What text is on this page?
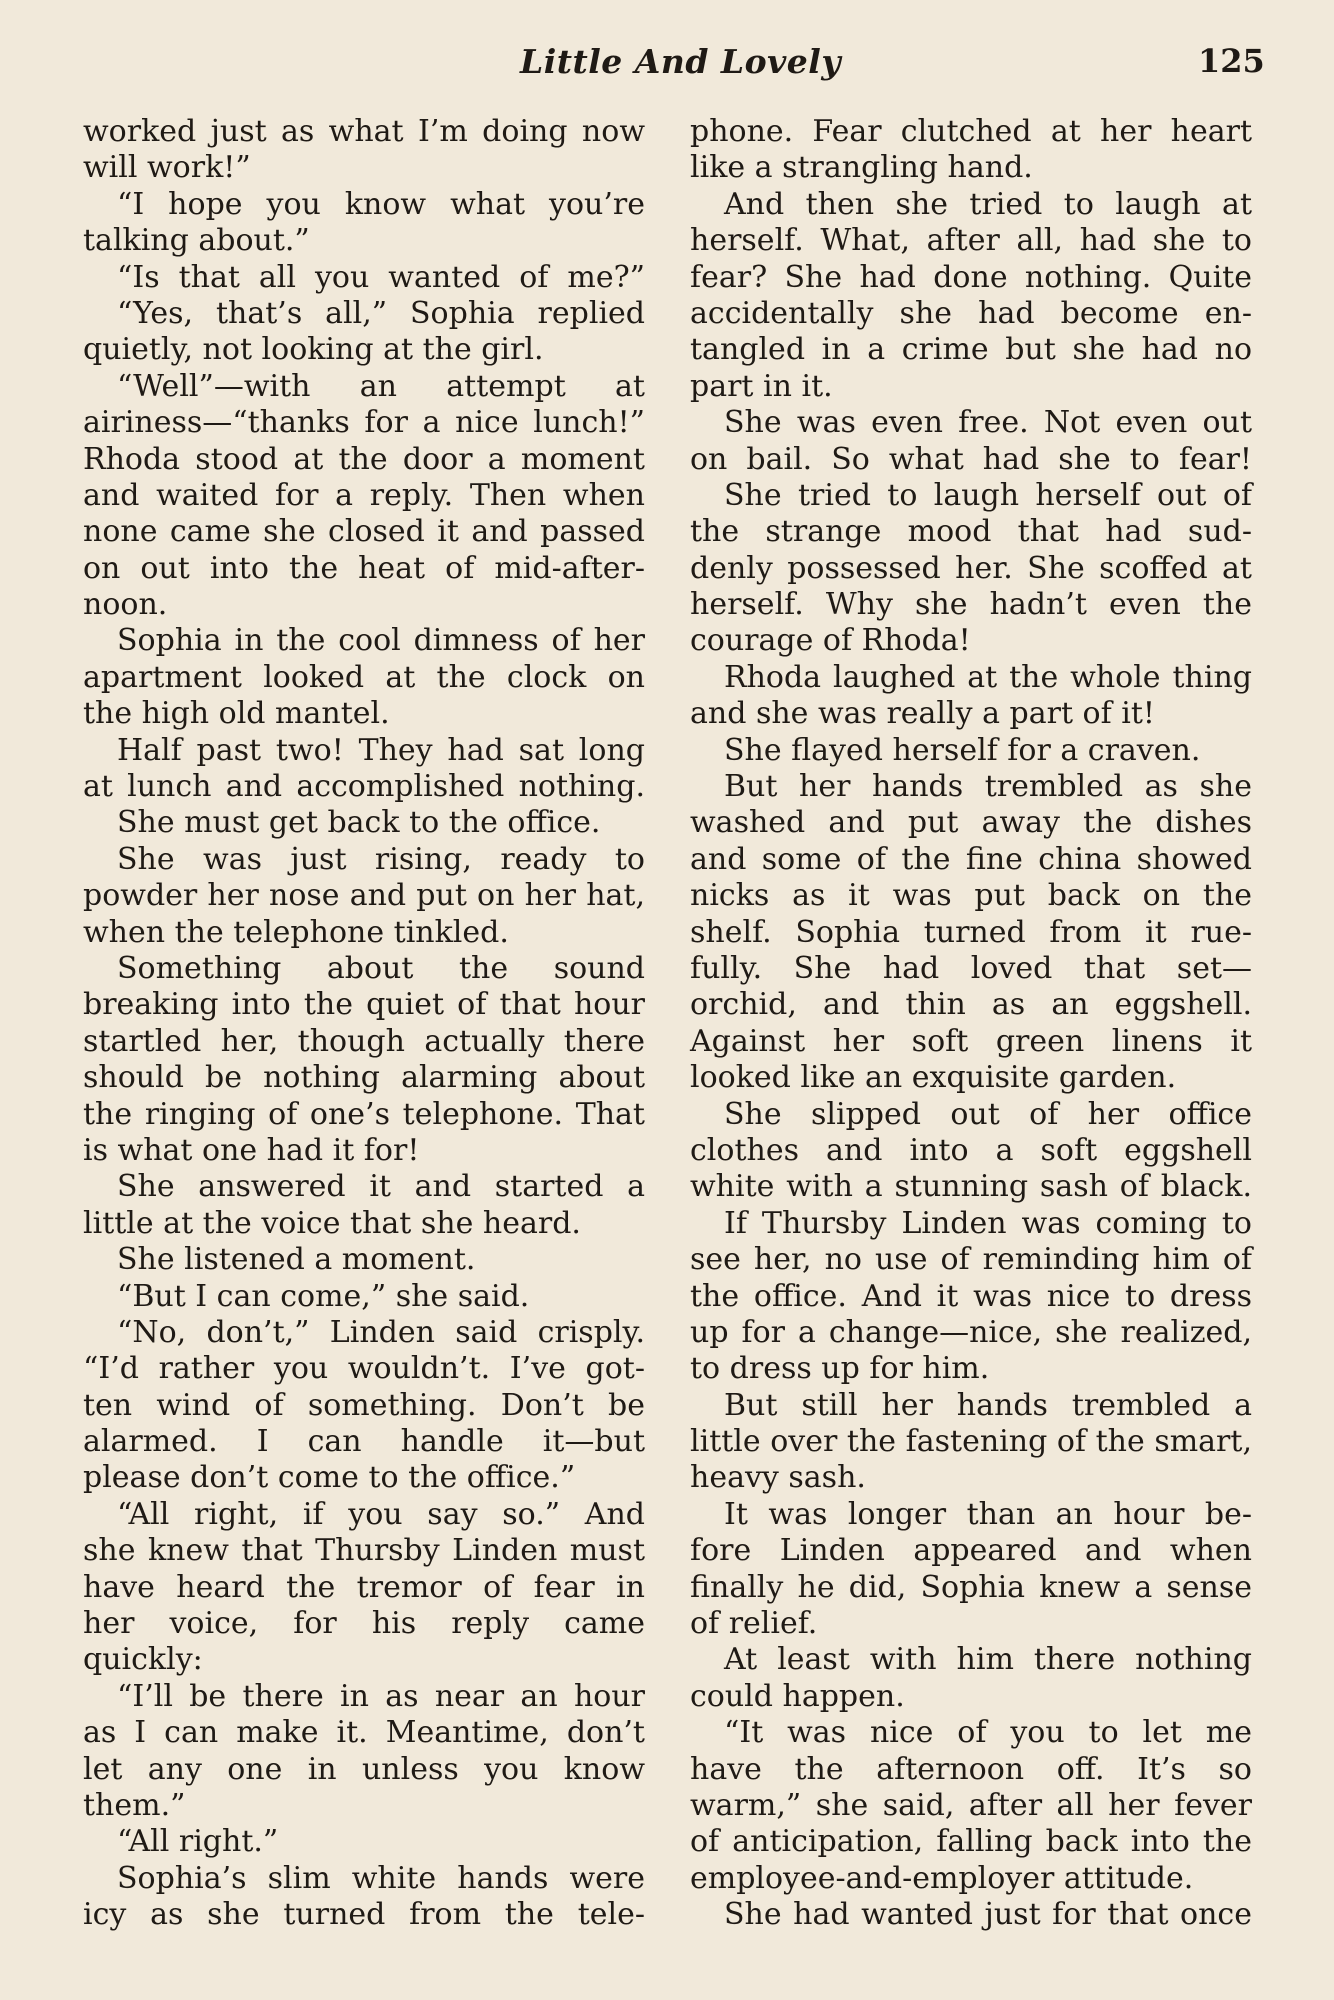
Little And Lovely	125
worked just as what I’m doing now
will work!”
“I hope you know what you’re
talking about.”
“Is that all you wanted of me?”
“Yes, that’s all,” Sophia replied
quietly, not looking at the girl.
“Well”—with an attempt at
airiness—“thanks for a nice lunch!”
Rhoda stood at the door a moment
and waited for a reply. Then when
none came she closed it and passed
on out into the heat of mid-after-
noon.
Sophia in the cool dimness of her
apartment looked at the clock on
the high old mantel.
Half past two! They had sat long
at lunch and accomplished nothing.
She must get back to the office.
She was just rising, ready to
powder her nose and put on her hat,
when the telephone tinkled.
Something about the sound
breaking into the quiet of that hour
startled her, though actually there
should be nothing alarming about
the ringing of one’s telephone. That
is what one had it for!
She answered it and started a
little at the voice that she heard.
She listened a moment.
“But I can come,” she said.
“No, don’t,” Linden said crisply.
“I’d rather you wouldn’t. I’ve got-
ten wind of something. Don’t be
alarmed. I can handle it—but
please don’t come to the office.”
“All right, if you say so.” And
she knew that Thursby Linden must
have heard the tremor of fear in
her voice, for his reply came
quickly:
“I’ll be there in as near an hour
as I can make it. Meantime, don’t
let any one in unless you know
them.”
“All right.”
Sophia’s slim white hands were
icy as she turned from the tele-
phone. Fear clutched at her heart
like a strangling hand.
And then she tried to laugh at
herself. What, after all, had she to
fear? She had done nothing. Quite
accidentally she had become en-
tangled in a crime but she had no
part in it.
She was even free. Not even out
on bail. So what had she to fear!
She tried to laugh herself out of
the strange mood that had sud-
denly possessed her. She scoffed at
herself. Why she hadn’t even the
courage of Rhoda!
Rhoda laughed at the whole thing
and she was really a part of it!
She flayed herself for a craven.
But her hands trembled as she
washed and put away the dishes
and some of the fine china showed
nicks as it was put back on the
shelf. Sophia turned from it rue-
fully. She had loved that set—
orchid, and thin as an eggshell.
Against her soft green linens it
looked like an exquisite garden.
She slipped out of her office
clothes and into a soft eggshell
white with a stunning sash of black.
If Thursby Linden was coming to
see her, no use of reminding him of
the office. And it was nice to dress
up for a change—nice, she realized,
to dress up for him.
But still her hands trembled a
little over the fastening of the smart,
heavy sash.
It was longer than an hour be-
fore Linden appeared and when
finally he did, Sophia knew a sense
of relief.
At least with him there nothing
could happen.
“It was nice of you to let me
have the afternoon off. It’s so
warm,” she said, after all her fever
of anticipation, falling back into the
employee-and-employer attitude.
She had wanted just for that once
